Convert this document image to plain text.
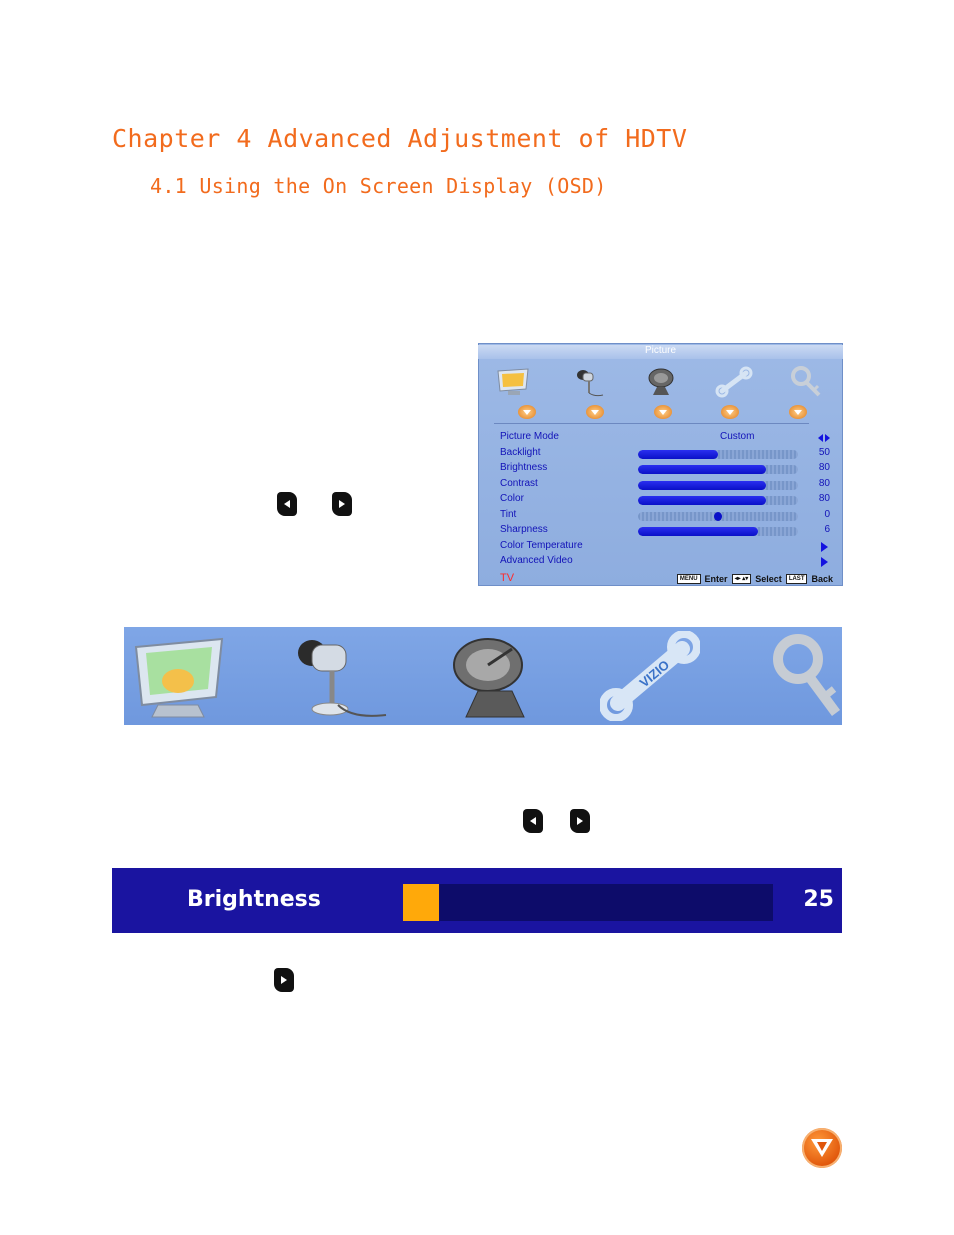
Chapter 4 Advanced Adjustment of HDTV
4.1 Using the On Screen Display (OSD)
Picture
Picture Mode	Custom
Backlight	50
Brightness	80
Contrast	80
Color	80
Tint	0
Sharpness	6
Color Temperature
Advanced Video
TV	MENU Enter	◂▸ ▴▾ Select	LAST Back
VIZIO
Brightness	25
